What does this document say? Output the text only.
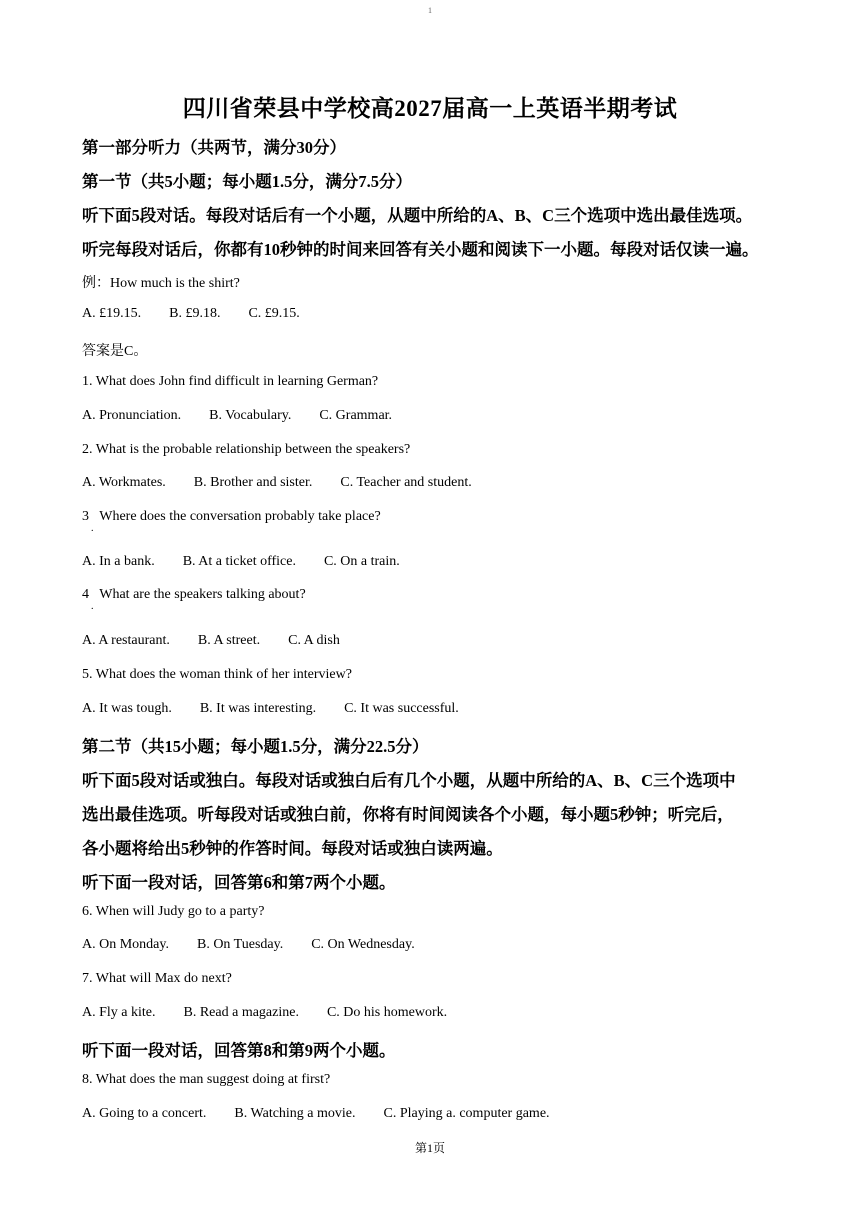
1
四川省荣县中学校高2027届高一上英语半期考试
第一部分听力（共两节，满分30分）
第一节（共5小题；每小题1.5分，满分7.5分）
听下面5段对话。每段对话后有一个小题，从题中所给的A、B、C三个选项中选出最佳选项。
听完每段对话后，你都有10秒钟的时间来回答有关小题和阅读下一小题。每段对话仅读一遍。
例：How much is the shirt?
A. £19.15. B. £9.18. C. £9.15.
答案是C。
1. What does John find difficult in learning German?
A. Pronunciation. B. Vocabulary. C. Grammar.
2. What is the probable relationship between the speakers?
A. Workmates. B. Brother and sister. C. Teacher and student.
3
.
Where does the conversation probably take place?
A. In a bank. B. At a ticket office. C. On a train.
4
.
What are the speakers talking about?
A. A restaurant. B. A street. C. A dish
5. What does the woman think of her interview?
A. It was tough. B. It was interesting. C. It was successful.
第二节（共15小题；每小题1.5分，满分22.5分）
听下面5段对话或独白。每段对话或独白后有几个小题，从题中所给的A、B、C三个选项中
选出最佳选项。听每段对话或独白前，你将有时间阅读各个小题，每小题5秒钟；听完后，
各小题将给出5秒钟的作答时间。每段对话或独白读两遍。
听下面一段对话，回答第6和第7两个小题。
6. When will Judy go to a party?
A. On Monday. B. On Tuesday. C. On Wednesday.
7. What will Max do next?
A. Fly a kite. B. Read a magazine. C. Do his homework.
听下面一段对话，回答第8和第9两个小题。
8. What does the man suggest doing at first?
A. Going to a concert. B. Watching a movie. C. Playing a. computer game.
第1页
